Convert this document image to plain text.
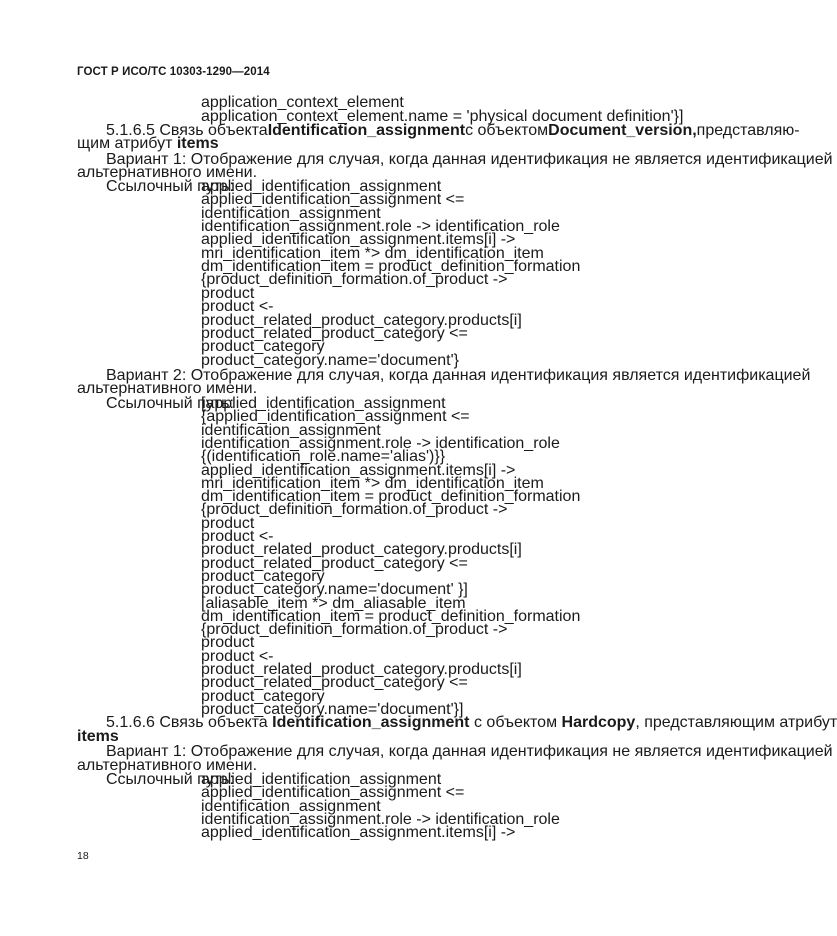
ГОСТ Р ИСО/ТС 10303-1290—2014
application_context_element
application_context_element.name = 'physical document definition'}]
5.1.6.5 Связь объекта Identification_assignment с объектом Document_version, представляю-
щим атрибут items
Вариант 1: Отображение для случая, когда данная идентификация не является идентификацией
альтернативного имени.
Ссылочный путь:
applied_identification_assignment
applied_identification_assignment <=
identification_assignment
identification_assignment.role -> identification_role
applied_identification_assignment.items[i] ->
mri_identification_item *> dm_identification_item
dm_identification_item = product_definition_formation
{product_definition_formation.of_product ->
product
product <-
product_related_product_category.products[i]
product_related_product_category <=
product_category
product_category.name='document'}
Вариант 2: Отображение для случая, когда данная идентификация является идентификацией
альтернативного имени.
Ссылочный путь:
[applied_identification_assignment
{applied_identification_assignment <=
identification_assignment
identification_assignment.role -> identification_role
{(identification_role.name='alias')}}
applied_identification_assignment.items[i] ->
mri_identification_item *> dm_identification_item
dm_identification_item = product_definition_formation
{product_definition_formation.of_product ->
product
product <-
product_related_product_category.products[i]
product_related_product_category <=
product_category
product_category.name='document' }]
[aliasable_item *> dm_aliasable_item
dm_identification_item = product_definition_formation
{product_definition_formation.of_product ->
product
product <-
product_related_product_category.products[i]
product_related_product_category <=
product_category
product_category.name='document'}]
5.1.6.6 Связь объекта Identification_assignment с объектом Hardcopy, представляющим атрибут
items
Вариант 1: Отображение для случая, когда данная идентификация не является идентификацией
альтернативного имени.
Ссылочный путь:
applied_identification_assignment
applied_identification_assignment <=
identification_assignment
identification_assignment.role -> identification_role
applied_identification_assignment.items[i] ->
18
